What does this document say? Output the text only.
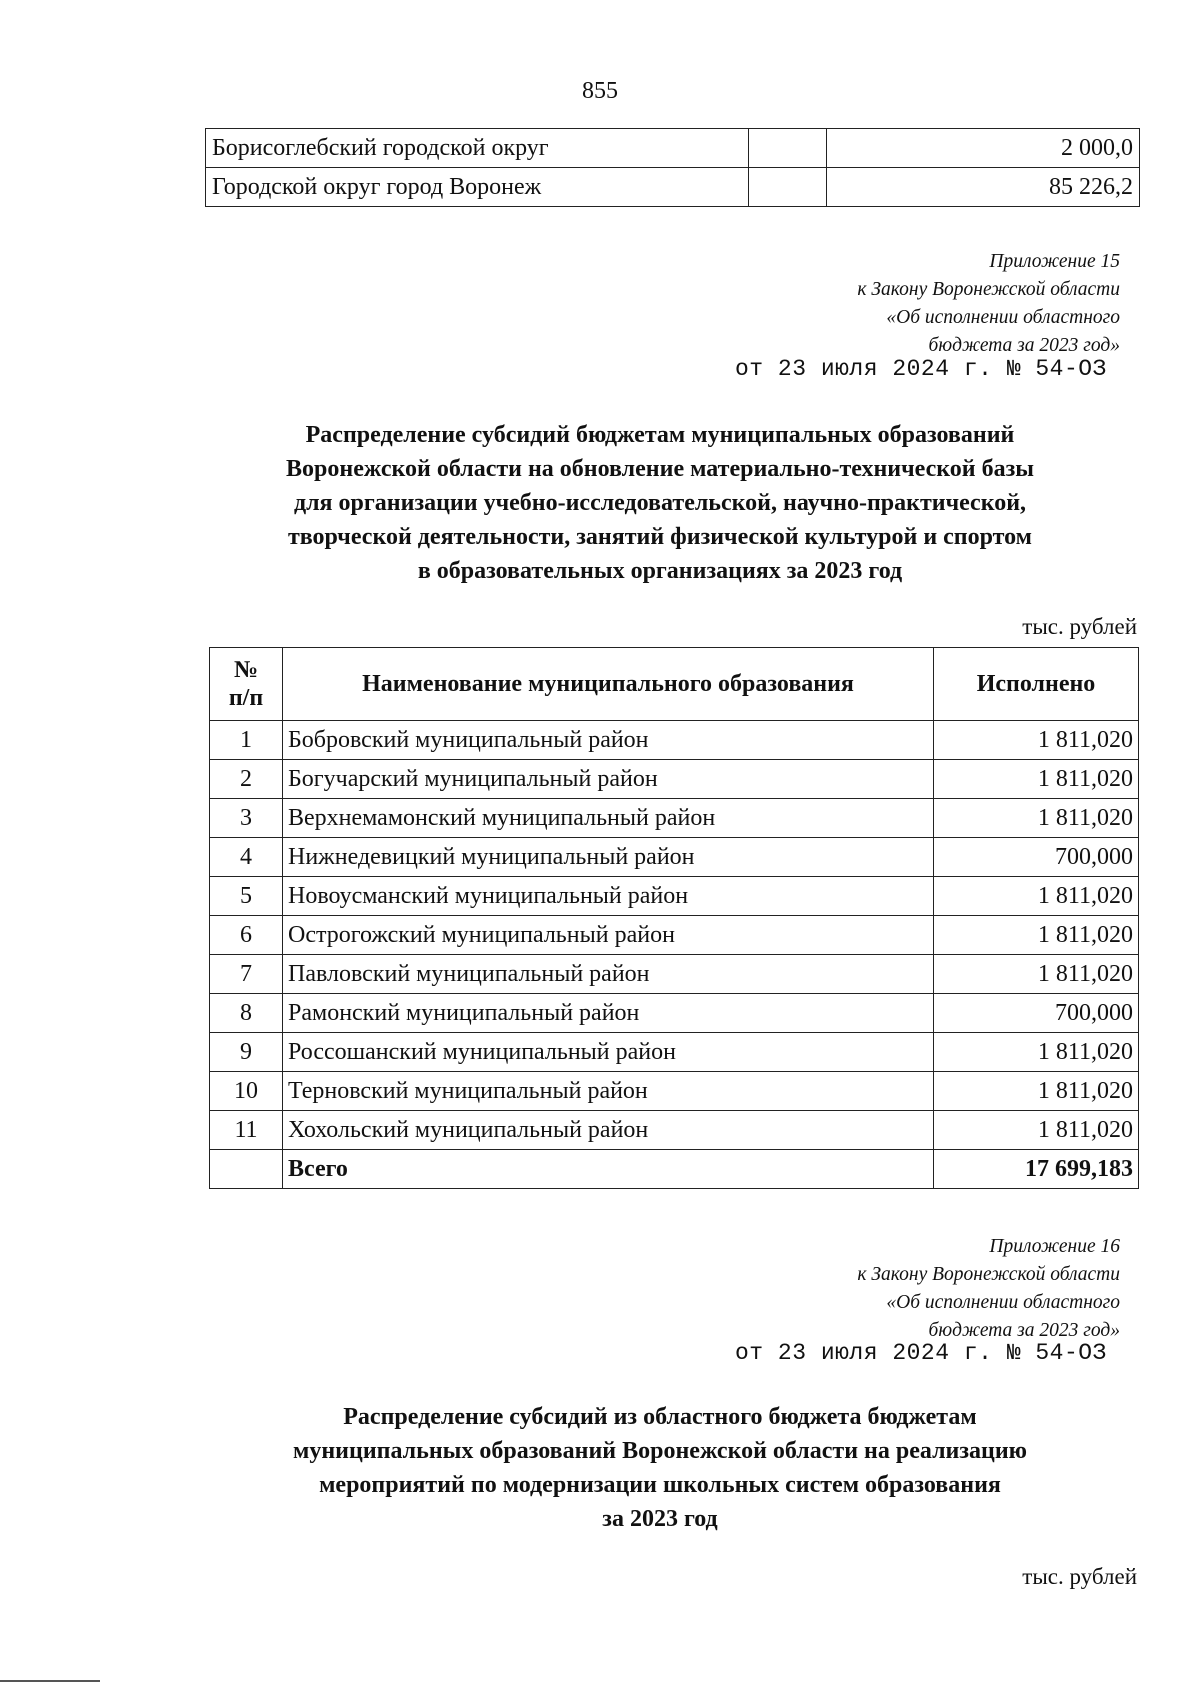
855
Борисоглебский городской округ		2 000,0
Городской округ город Воронеж		85 226,2
Приложение 15
к Закону Воронежской области
«Об исполнении областного
бюджета за 2023 год»
от 23 июля 2024 г. № 54-ОЗ
Распределение субсидий бюджетам муниципальных образований
Воронежской области на обновление материально-технической базы
для организации учебно-исследовательской, научно-практической,
творческой деятельности, занятий физической культурой и спортом
в образовательных организациях за 2023 год
тыс. рублей
№
п/п	Наименование муниципального образования	Исполнено
1	Бобровский муниципальный район	1 811,020
2	Богучарский муниципальный район	1 811,020
3	Верхнемамонский муниципальный район	1 811,020
4	Нижнедевицкий муниципальный район	700,000
5	Новоусманский муниципальный район	1 811,020
6	Острогожский муниципальный район	1 811,020
7	Павловский муниципальный район	1 811,020
8	Рамонский муниципальный район	700,000
9	Россошанский муниципальный район	1 811,020
10	Терновский муниципальный район	1 811,020
11	Хохольский муниципальный район	1 811,020
	Всего	17 699,183
Приложение 16
к Закону Воронежской области
«Об исполнении областного
бюджета за 2023 год»
от 23 июля 2024 г. № 54-ОЗ
Распределение субсидий из областного бюджета бюджетам
муниципальных образований Воронежской области на реализацию
мероприятий по модернизации школьных систем образования
за 2023 год
тыс. рублей
